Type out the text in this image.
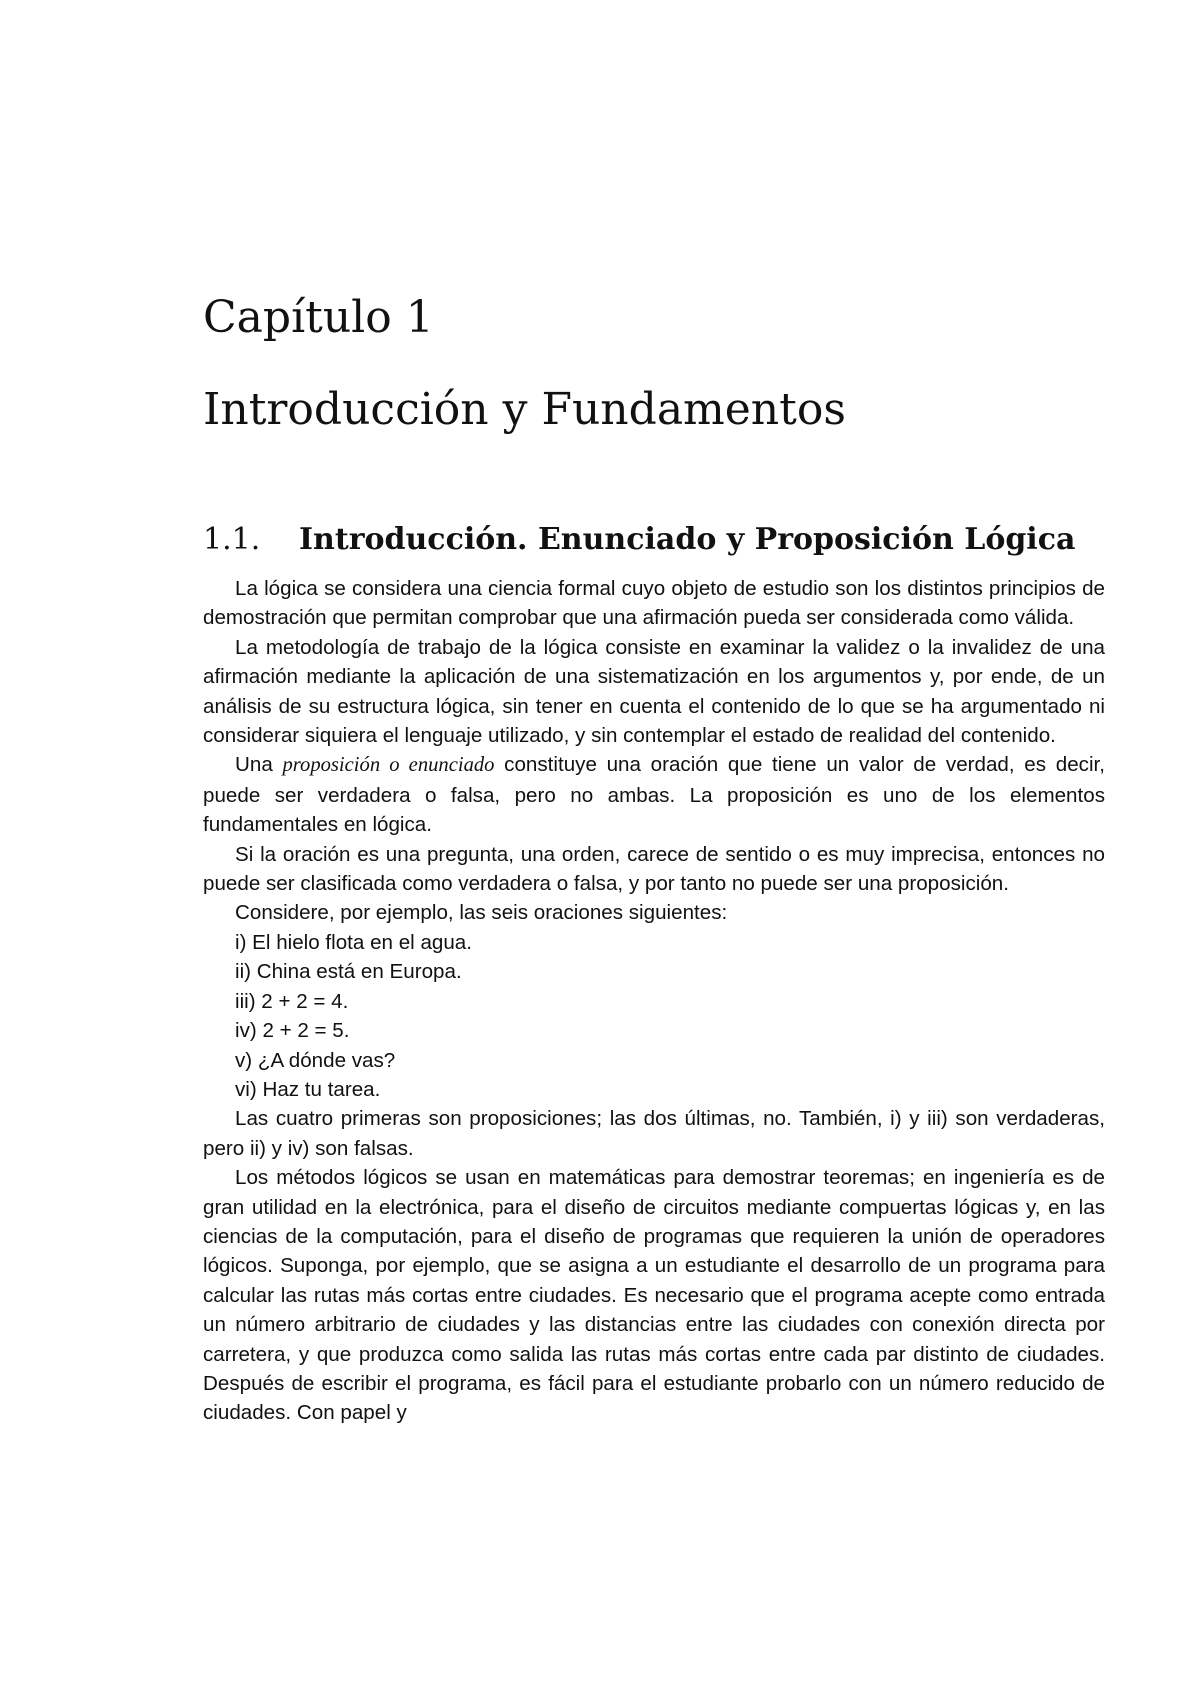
Capítulo 1
Introducción y Fundamentos
1.1. Introducción. Enunciado y Proposición Lógica

La lógica se considera una ciencia formal cuyo objeto de estudio son los distintos principios de demostración que permitan comprobar que una afirmación pueda ser considerada como válida.

La metodología de trabajo de la lógica consiste en examinar la validez o la invalidez de una afirmación mediante la aplicación de una sistematización en los argumentos y, por ende, de un análisis de su estructura lógica, sin tener en cuenta el contenido de lo que se ha argumentado ni considerar siquiera el lenguaje utilizado, y sin contemplar el estado de realidad del contenido.

Una proposición o enunciado constituye una oración que tiene un valor de verdad, es decir, puede ser verdadera o falsa, pero no ambas. La proposición es uno de los elementos fundamentales en lógica.

Si la oración es una pregunta, una orden, carece de sentido o es muy imprecisa, entonces no puede ser clasificada como verdadera o falsa, y por tanto no puede ser una proposición.

Considere, por ejemplo, las seis oraciones siguientes:

i) El hielo flota en el agua.

ii) China está en Europa.

iii) 2 + 2 = 4.

iv) 2 + 2 = 5.

v) ¿A dónde vas?

vi) Haz tu tarea.

Las cuatro primeras son proposiciones; las dos últimas, no. También, i) y iii) son verdaderas, pero ii) y iv) son falsas.

Los métodos lógicos se usan en matemáticas para demostrar teoremas; en ingeniería es de gran utilidad en la electrónica, para el diseño de circuitos mediante compuertas lógicas y, en las ciencias de la computación, para el diseño de programas que requieren la unión de operadores lógicos. Suponga, por ejemplo, que se asigna a un estudiante el desarrollo de un programa para calcular las rutas más cortas entre ciudades. Es necesario que el programa acepte como entrada un número arbitrario de ciudades y las distancias entre las ciudades con conexión directa por carretera, y que produzca como salida las rutas más cortas entre cada par distinto de ciudades. Después de escribir el programa, es fácil para el estudiante probarlo con un número reducido de ciudades. Con papel y
